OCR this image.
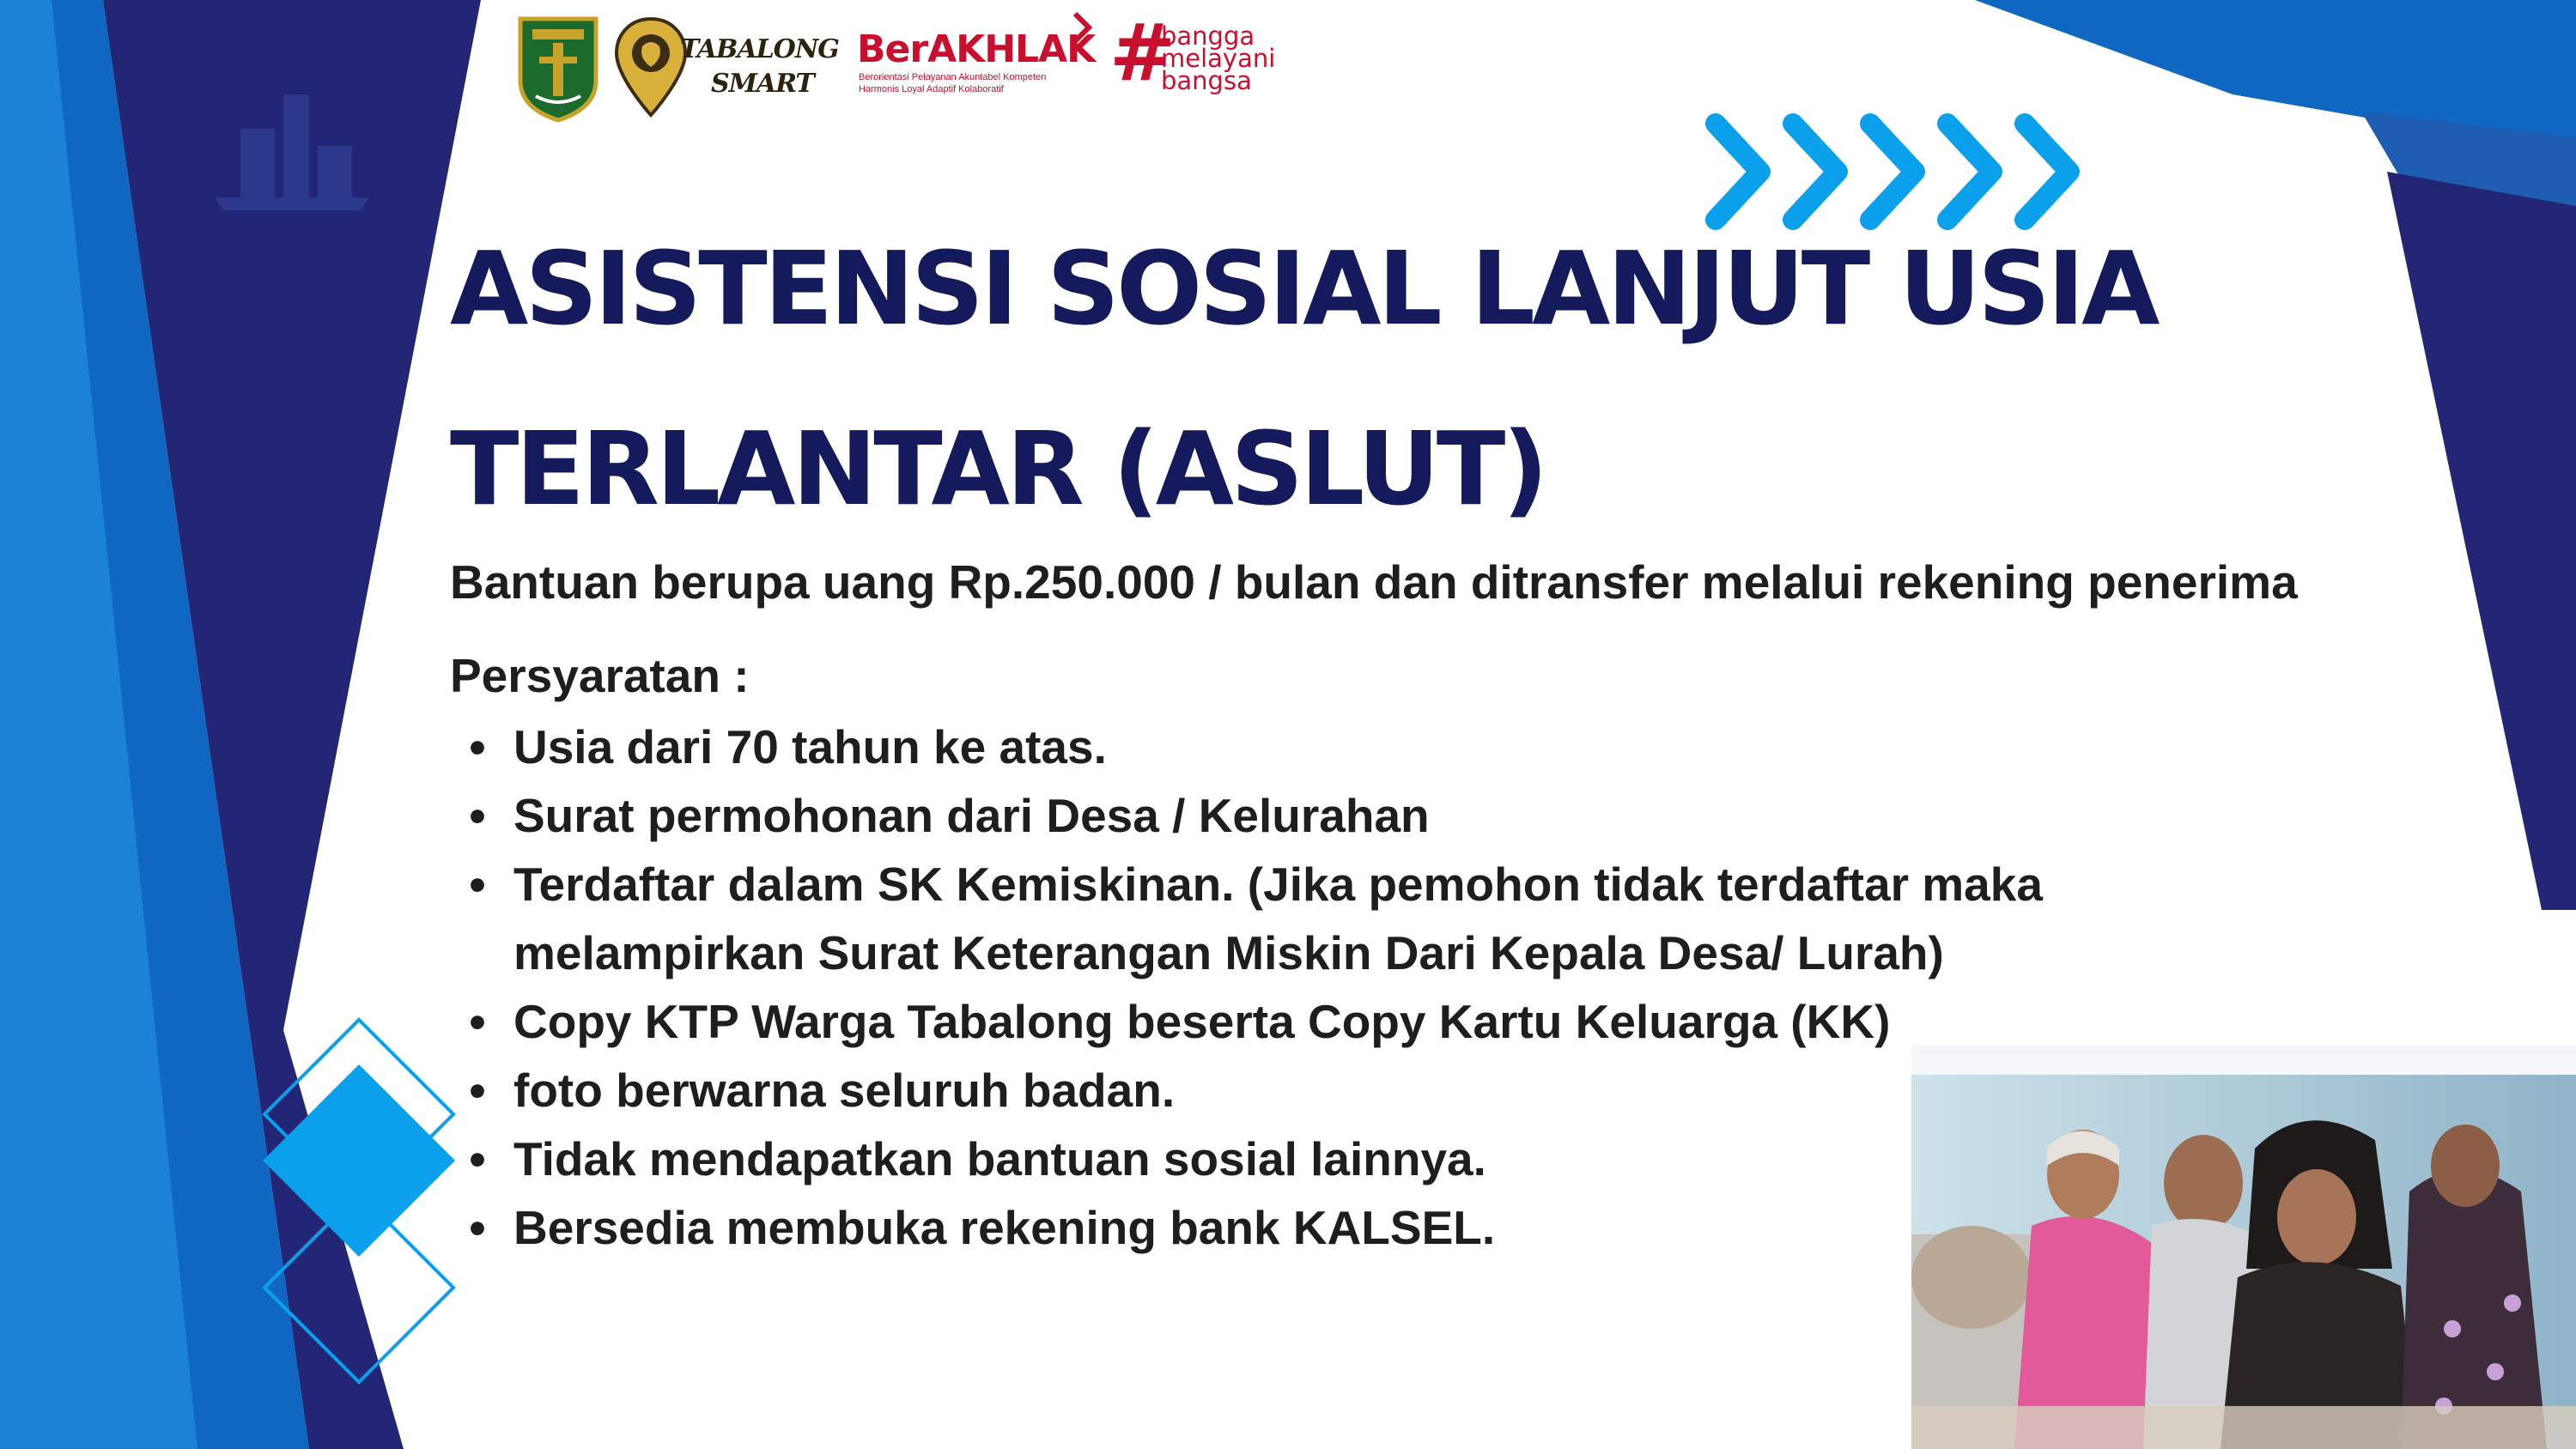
TABALONG
SMART
BerAKHLAK
Berorientasi Pelayanan Akuntabel Kompeten
Harmonis Loyal Adaptif Kolaboratif #
bangga
melayani
bangsa
ASISTENSI SOSIAL LANJUT USIA
TERLANTAR (ASLUT)
Bantuan berupa uang Rp.250.000 / bulan dan ditransfer melalui rekening penerima
Persyaratan :
• Usia dari 70 tahun ke atas.
• Surat permohonan dari Desa / Kelurahan
• Terdaftar dalam SK Kemiskinan. (Jika pemohon tidak terdaftar maka
melampirkan Surat Keterangan Miskin Dari Kepala Desa/ Lurah)
• Copy KTP Warga Tabalong beserta Copy Kartu Keluarga (KK)
• foto berwarna seluruh badan.
• Tidak mendapatkan bantuan sosial lainnya.
• Bersedia membuka rekening bank KALSEL.
